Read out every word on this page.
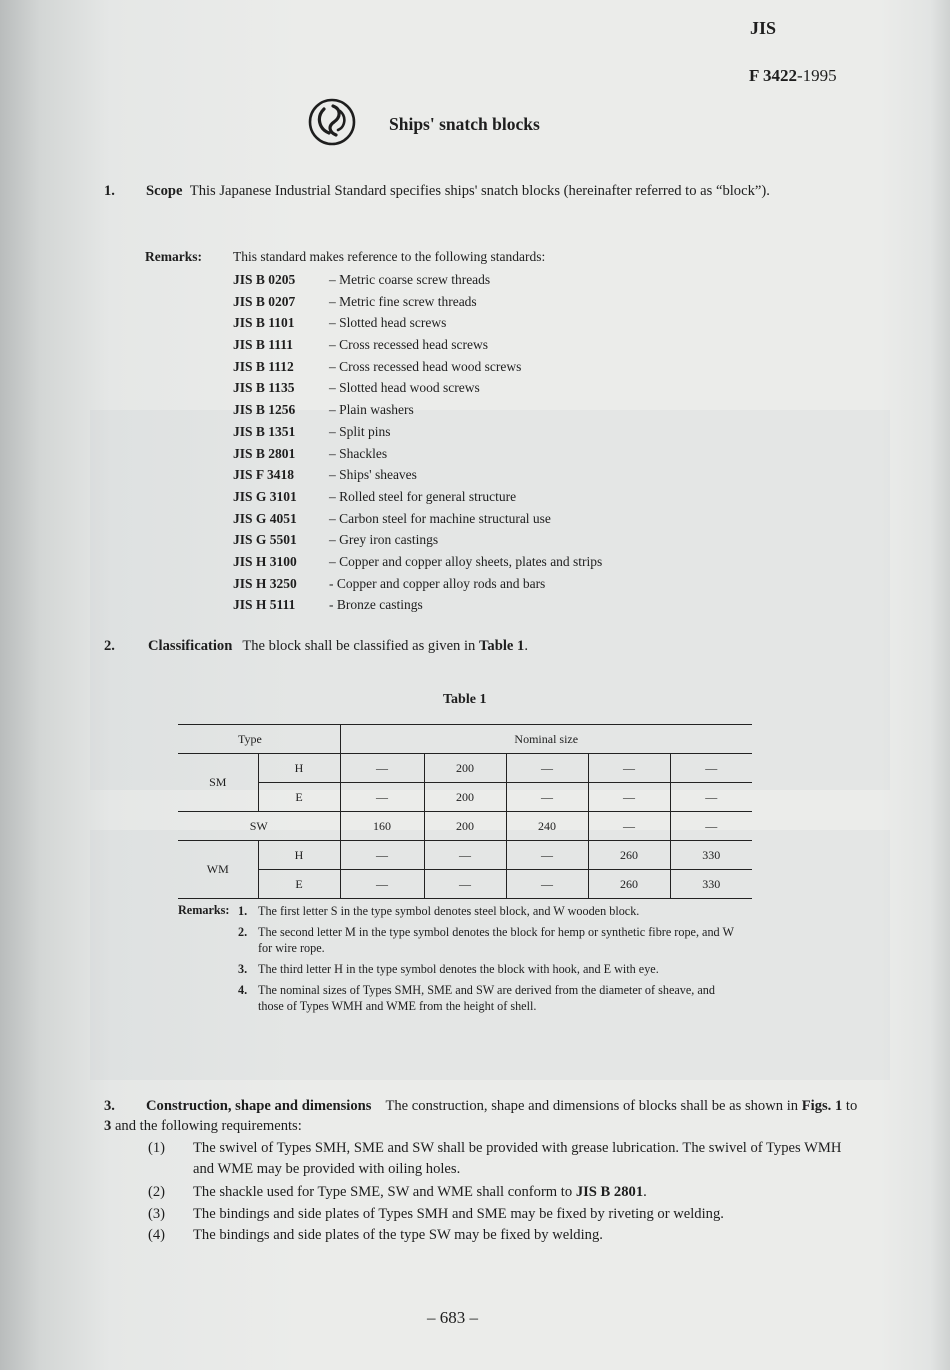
JIS
F 3422-1995
Ships' snatch blocks
1. Scope This Japanese Industrial Standard specifies ships' snatch blocks (hereinafter referred to as “block”).
Remarks: This standard makes reference to the following standards:
JIS B 0205 – Metric coarse screw threads
JIS B 0207 – Metric fine screw threads
JIS B 1101	– Slotted head screws
JIS B 1111	– Cross recessed head screws
JIS B 1112	– Cross recessed head wood screws
JIS B 1135	– Slotted head wood screws
JIS B 1256 – Plain washers
JIS B 1351 – Split pins
JIS B 2801 – Shackles
JIS F 3418	– Ships' sheaves
JIS G 3101 – Rolled steel for general structure
JIS G 4051 – Carbon steel for machine structural use
JIS G 5501 – Grey iron castings
JIS H 3100 – Copper and copper alloy sheets, plates and strips
JIS H 3250 - Copper and copper alloy rods and bars
JIS H 5111 - Bronze castings
2. Classification The block shall be classified as given in Table 1.
Table 1
Type		Nominal size				
SM	H	—	200	—	—	—
	E	—	200	—	—	—
SW		160	200	240	—	—
WM	H	—	—	—	260	330
	E	—	—	—	260	330
Remarks: 1. The first letter S in the type symbol denotes steel block, and W wooden block.
2. The second letter M in the type symbol denotes the block for hemp or synthetic fibre rope, and W for wire rope.
3. The third letter H in the type symbol denotes the block with hook, and E with eye.
4. The nominal sizes of Types SMH, SME and SW are derived from the diameter of sheave, and those of Types WMH and WME from the height of shell.
3. Construction, shape and dimensions The construction, shape and dimensions of blocks shall be as shown in Figs. 1 to 3 and the following requirements:
(1) The swivel of Types SMH, SME and SW shall be provided with grease lubrication. The swivel of Types WMH and WME may be provided with oiling holes.
(2) The shackle used for Type SME, SW and WME shall conform to JIS B 2801.
(3) The bindings and side plates of Types SMH and SME may be fixed by riveting or welding.
(4) The bindings and side plates of the type SW may be fixed by welding.
– 683 –
